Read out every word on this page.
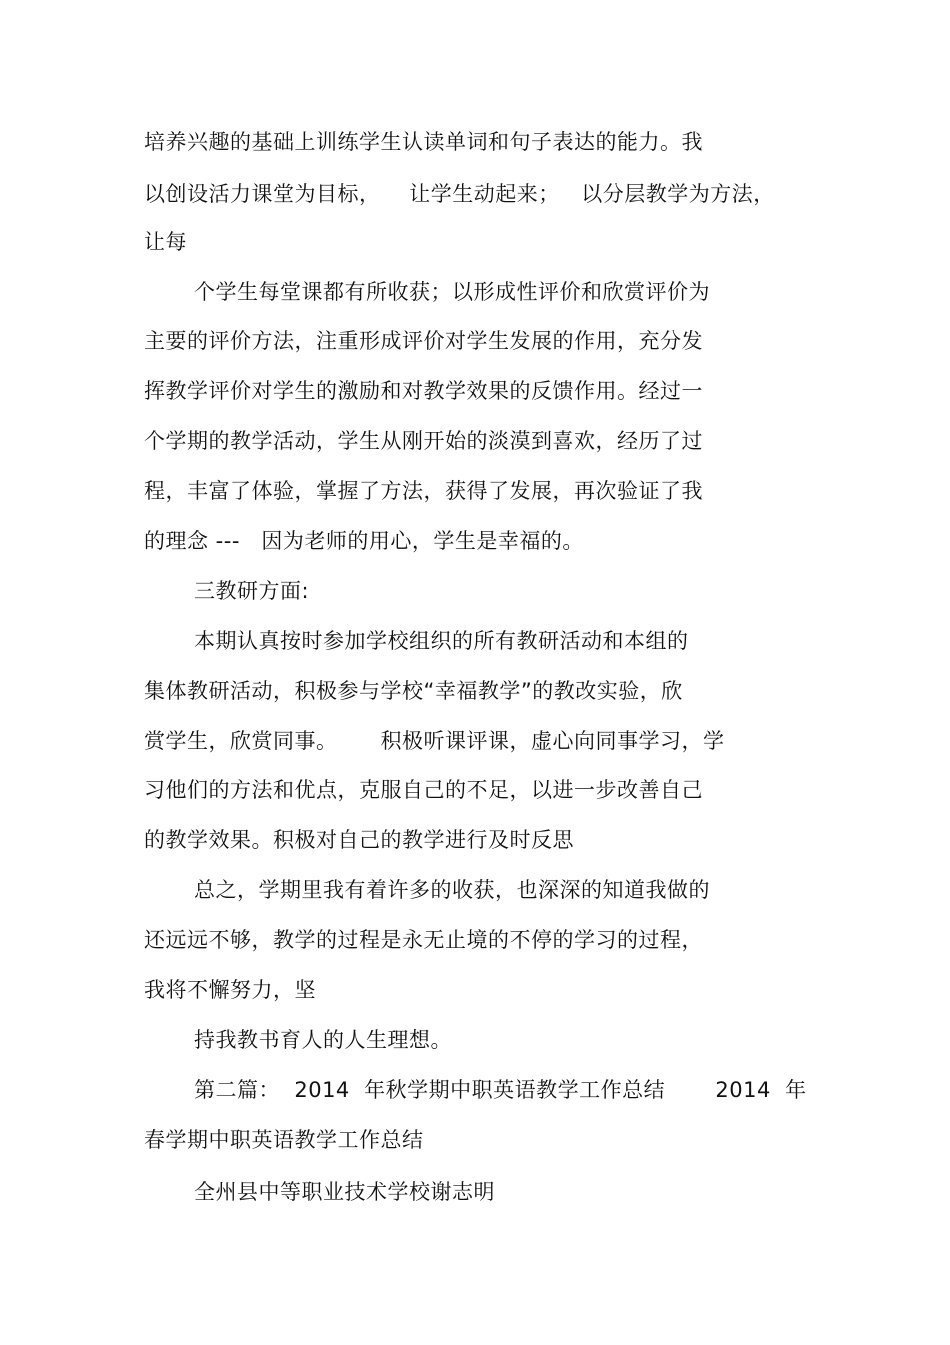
培养兴趣的基础上训练学生认读单词和句子表达的能力。我
以创设活力课堂为目标，    让学生动起来；   以分层教学为方法，
让每
个学生每堂课都有所收获；以形成性评价和欣赏评价为
主要的评价方法，注重形成评价对学生发展的作用，充分发
挥教学评价对学生的激励和对教学效果的反馈作用。经过一
个学期的教学活动，学生从刚开始的淡漠到喜欢，经历了过
程，丰富了体验，掌握了方法，获得了发展，再次验证了我
的理念 ---   因为老师的用心，学生是幸福的。
三教研方面:
本期认真按时参加学校组织的所有教研活动和本组的
集体教研活动，积极参与学校“幸福教学”的教改实验，欣
赏学生，欣赏同事。      积极听课评课，虚心向同事学习，学
习他们的方法和优点，克服自己的不足，以进一步改善自己
的教学效果。积极对自己的教学进行及时反思
总之，学期里我有着许多的收获，也深深的知道我做的
还远远不够，教学的过程是永无止境的不停的学习的过程，
我将不懈努力，坚
持我教书育人的人生理想。
第二篇：  2014  年秋学期中职英语教学工作总结       2014  年
春学期中职英语教学工作总结
全州县中等职业技术学校谢志明
